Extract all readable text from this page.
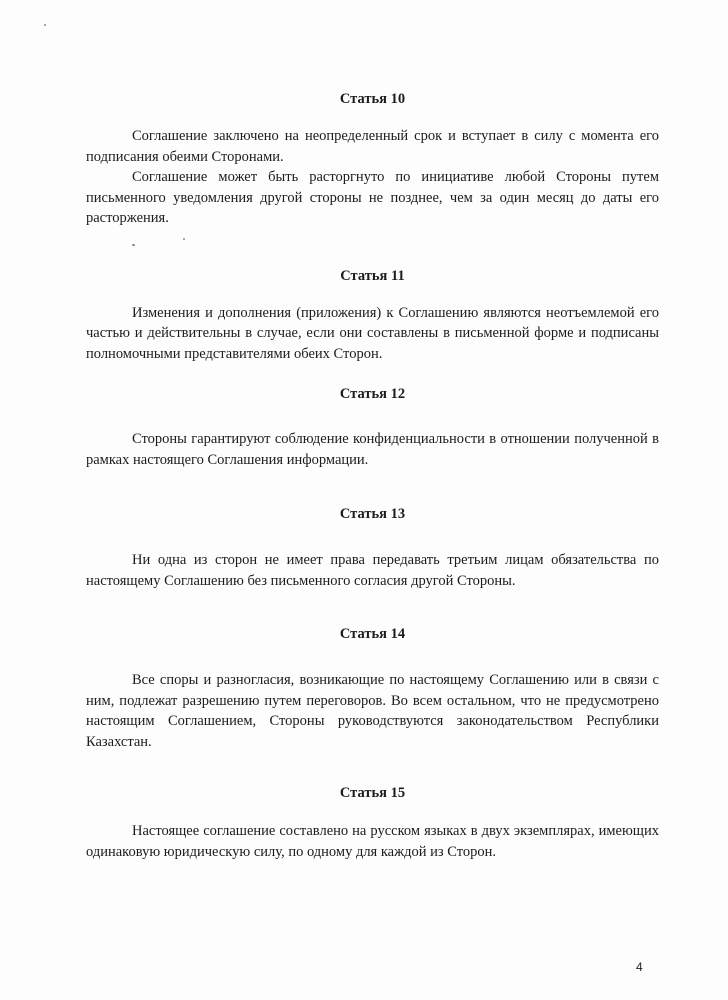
Статья 10

Соглашение заключено на неопределенный срок и вступает в силу с момента его подписания обеими Сторонами.

Соглашение может быть расторгнуто по инициативе любой Стороны путем письменного уведомления другой стороны не позднее, чем за один месяц до даты его расторжения.

Статья 11

Изменения и дополнения (приложения) к Соглашению являются неотъемлемой его частью и действительны в случае, если они составлены в письменной форме и подписаны полномочными представителями обеих Сторон.

Статья 12

Стороны гарантируют соблюдение конфиденциальности в отношении полученной в рамках настоящего Соглашения информации.

Статья 13

Ни одна из сторон не имеет права передавать третьим лицам обязательства по настоящему Соглашению без письменного согласия другой Стороны.

Статья 14

Все споры и разногласия, возникающие по настоящему Соглашению или в связи с ним, подлежат разрешению путем переговоров. Во всем остальном, что не предусмотрено настоящим Соглашением, Стороны руководствуются законодательством Республики Казахстан.

Статья 15

Настоящее соглашение составлено на русском языках в двух экземплярах, имеющих одинаковую юридическую силу, по одному для каждой из Сторон.

4
